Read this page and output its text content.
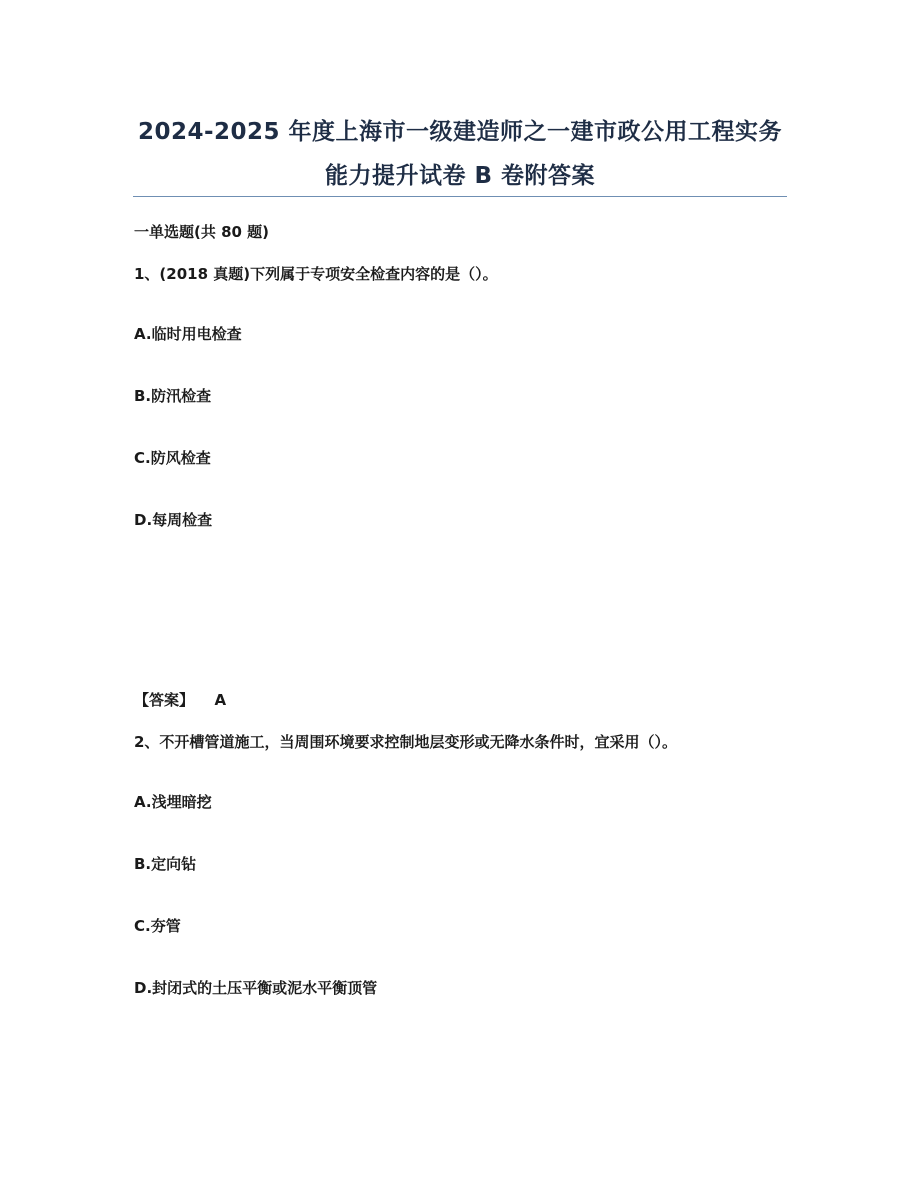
2024-2025 年度上海市一级建造师之一建市政公用工程实务
能力提升试卷 B 卷附答案
一单选题(共 80 题)
1、(2018 真题)下列属于专项安全检查内容的是（）。
A.临时用电检查
B.防汛检查
C.防风检查
D.每周检查
【答案】 A
2、不开槽管道施工，当周围环境要求控制地层变形或无降水条件时，宜采用（）。
A.浅埋暗挖
B.定向钻
C.夯管
D.封闭式的土压平衡或泥水平衡顶管
